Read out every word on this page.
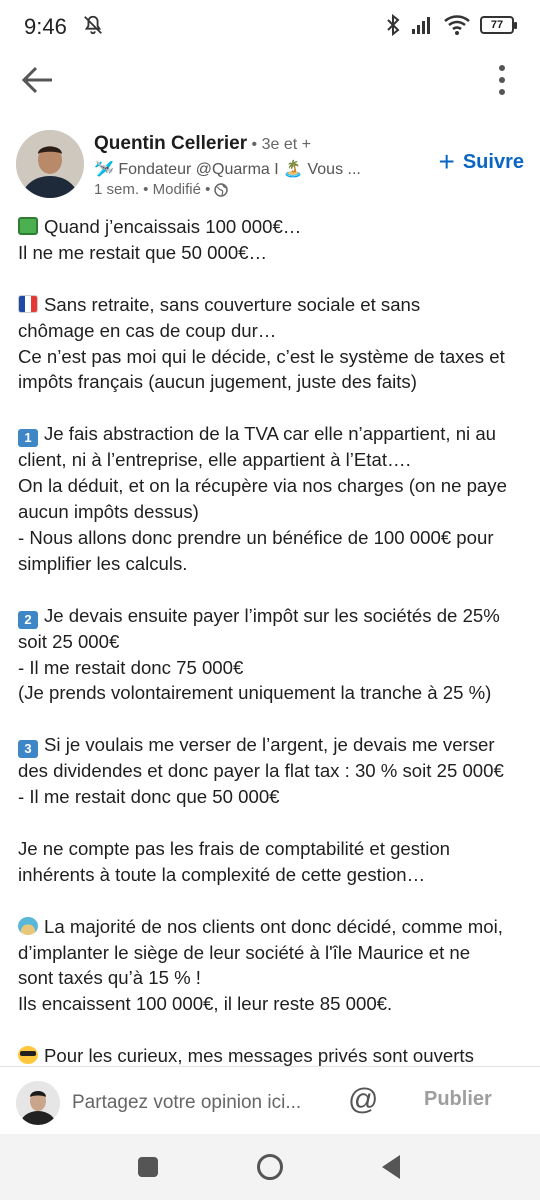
9:46	77
Quentin Cellerier • 3e et +
🛩️ Fondateur @Quarma I 🏝️ Vous ...
1 sem. • Modifié •
+ Suivre

Quand j’encaissais 100 000€…

Il ne me restait que 50 000€…

Sans retraite, sans couverture sociale et sans

chômage en cas de coup dur…

Ce n’est pas moi qui le décide, c’est le système de taxes et

impôts français (aucun jugement, juste des faits)

1 Je fais abstraction de la TVA car elle n’appartient, ni au

client, ni à l’entreprise, elle appartient à l’Etat….

On la déduit, et on la récupère via nos charges (on ne paye

aucun impôts dessus)

- Nous allons donc prendre un bénéfice de 100 000€ pour

simplifier les calculs.

2 Je devais ensuite payer l’impôt sur les sociétés de 25%

soit 25 000€

- Il me restait donc 75 000€

(Je prends volontairement uniquement la tranche à 25 %)

3 Si je voulais me verser de l’argent, je devais me verser

des dividendes et donc payer la flat tax : 30 % soit 25 000€

- Il me restait donc que 50 000€

Je ne compte pas les frais de comptabilité et gestion

inhérents à toute la complexité de cette gestion…

La majorité de nos clients ont donc décidé, comme moi,

d’implanter le siège de leur société à l'île Maurice et ne

sont taxés qu’à 15 % !

Ils encaissent 100 000€, il leur reste 85 000€.

Pour les curieux, mes messages privés sont ouverts

Partagez votre opinion ici...
@ Publier
